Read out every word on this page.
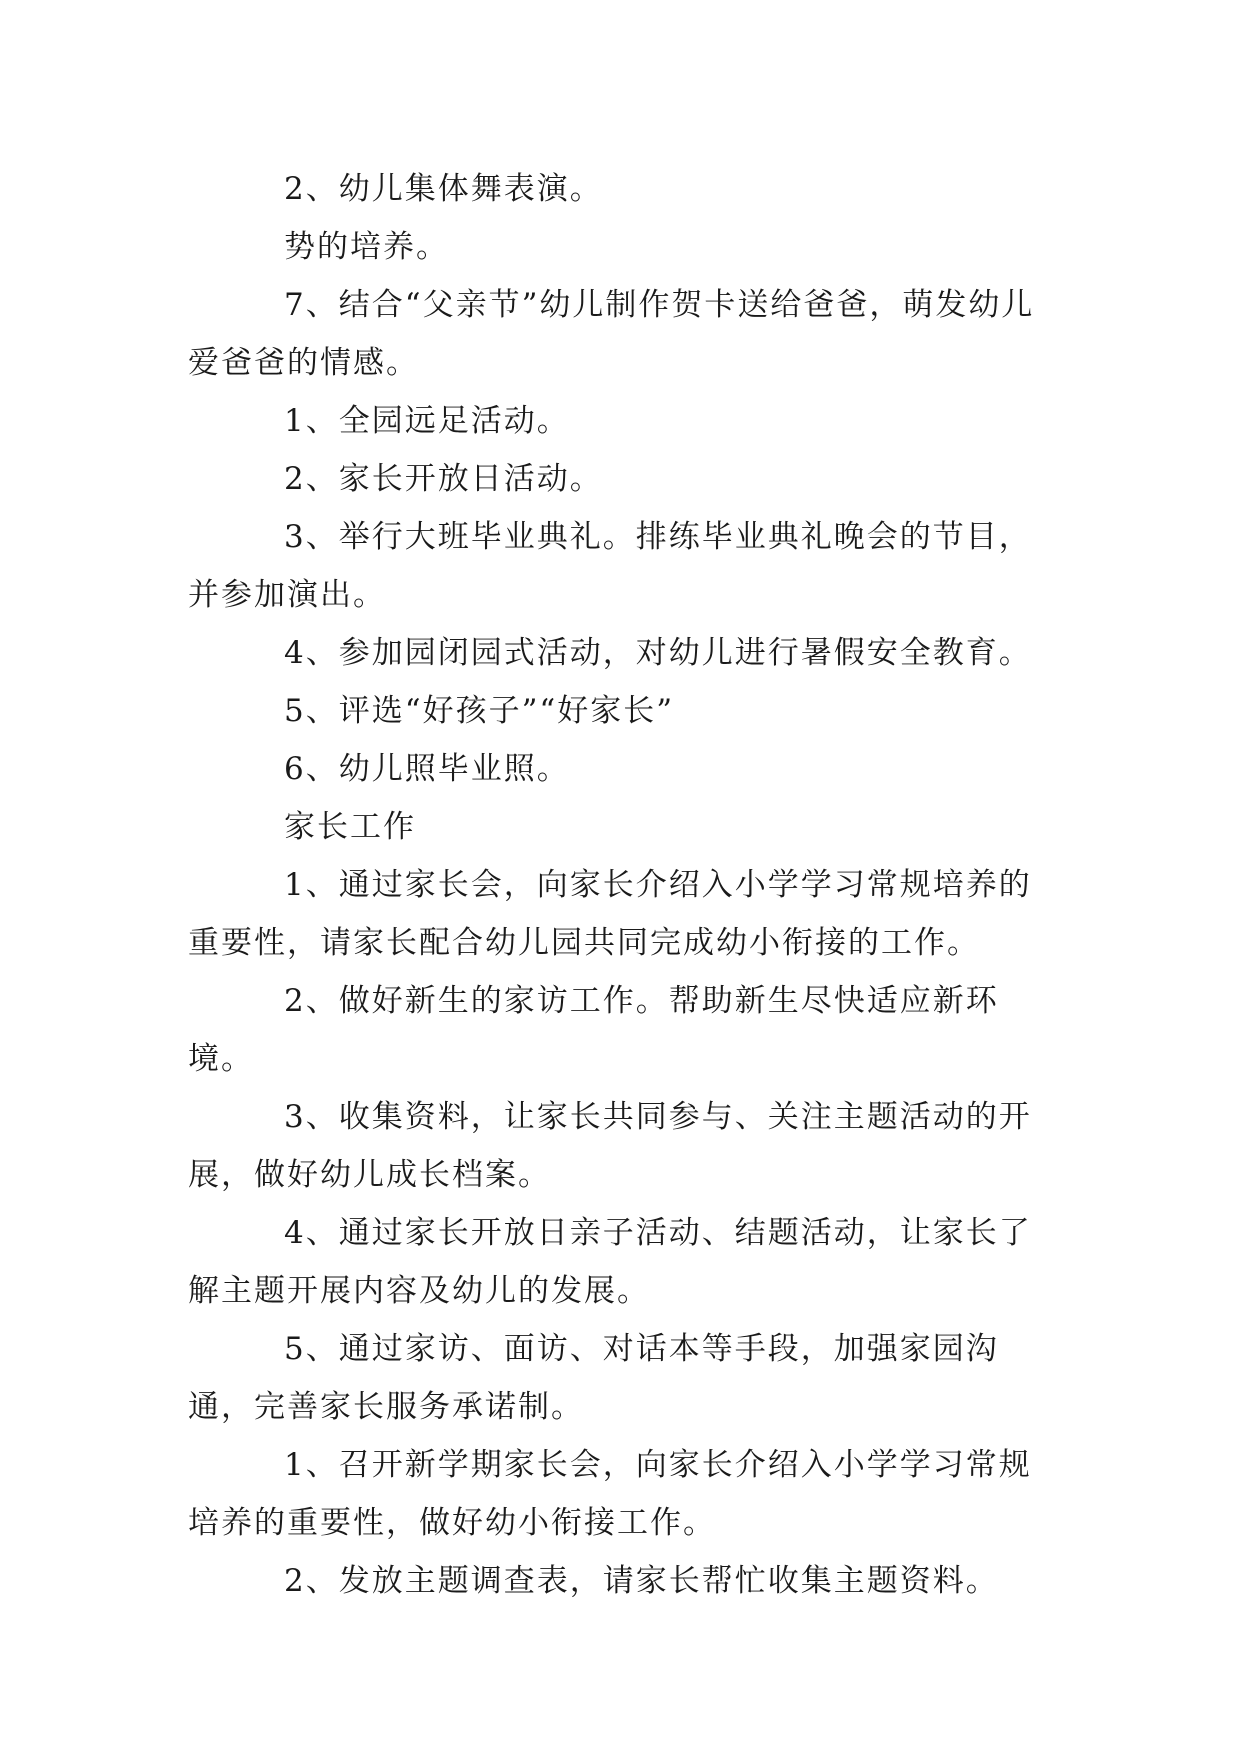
2、幼儿集体舞表演。

势的培养。

7、结合“父亲节”幼儿制作贺卡送给爸爸，萌发幼儿爱爸爸的情感。

1、全园远足活动。

2、家长开放日活动。

3、举行大班毕业典礼。排练毕业典礼晚会的节目，并参加演出。

4、参加园闭园式活动，对幼儿进行暑假安全教育。

5、评选“好孩子”“好家长”

6、幼儿照毕业照。

家长工作

1、通过家长会，向家长介绍入小学学习常规培养的重要性，请家长配合幼儿园共同完成幼小衔接的工作。

2、做好新生的家访工作。帮助新生尽快适应新环境。

3、收集资料，让家长共同参与、关注主题活动的开展，做好幼儿成长档案。

4、通过家长开放日亲子活动、结题活动，让家长了解主题开展内容及幼儿的发展。

5、通过家访、面访、对话本等手段，加强家园沟通，完善家长服务承诺制。

1、召开新学期家长会，向家长介绍入小学学习常规培养的重要性，做好幼小衔接工作。

2、发放主题调查表，请家长帮忙收集主题资料。
